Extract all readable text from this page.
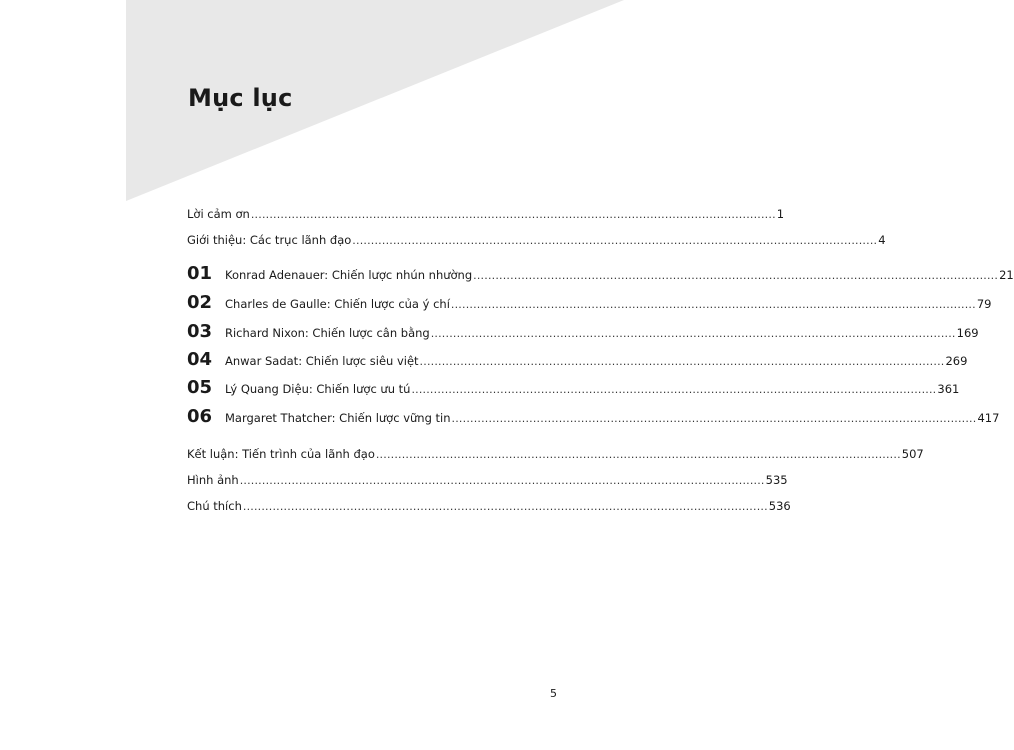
Mục lục
Lời cảm ơn .............................................................................................................................................. 1
Giới thiệu: Các trục lãnh đạo .............................................................................................................................................. 4
01 Konrad Adenauer: Chiến lược nhún nhường .............................................................................................................................................. 21
02 Charles de Gaulle: Chiến lược của ý chí .............................................................................................................................................. 79
03 Richard Nixon: Chiến lược cân bằng .............................................................................................................................................. 169
04 Anwar Sadat: Chiến lược siêu việt .............................................................................................................................................. 269
05 Lý Quang Diệu: Chiến lược ưu tú .............................................................................................................................................. 361
06 Margaret Thatcher: Chiến lược vững tin .............................................................................................................................................. 417
Kết luận: Tiến trình của lãnh đạo .............................................................................................................................................. 507
Hình ảnh .............................................................................................................................................. 535
Chú thích .............................................................................................................................................. 536
5
